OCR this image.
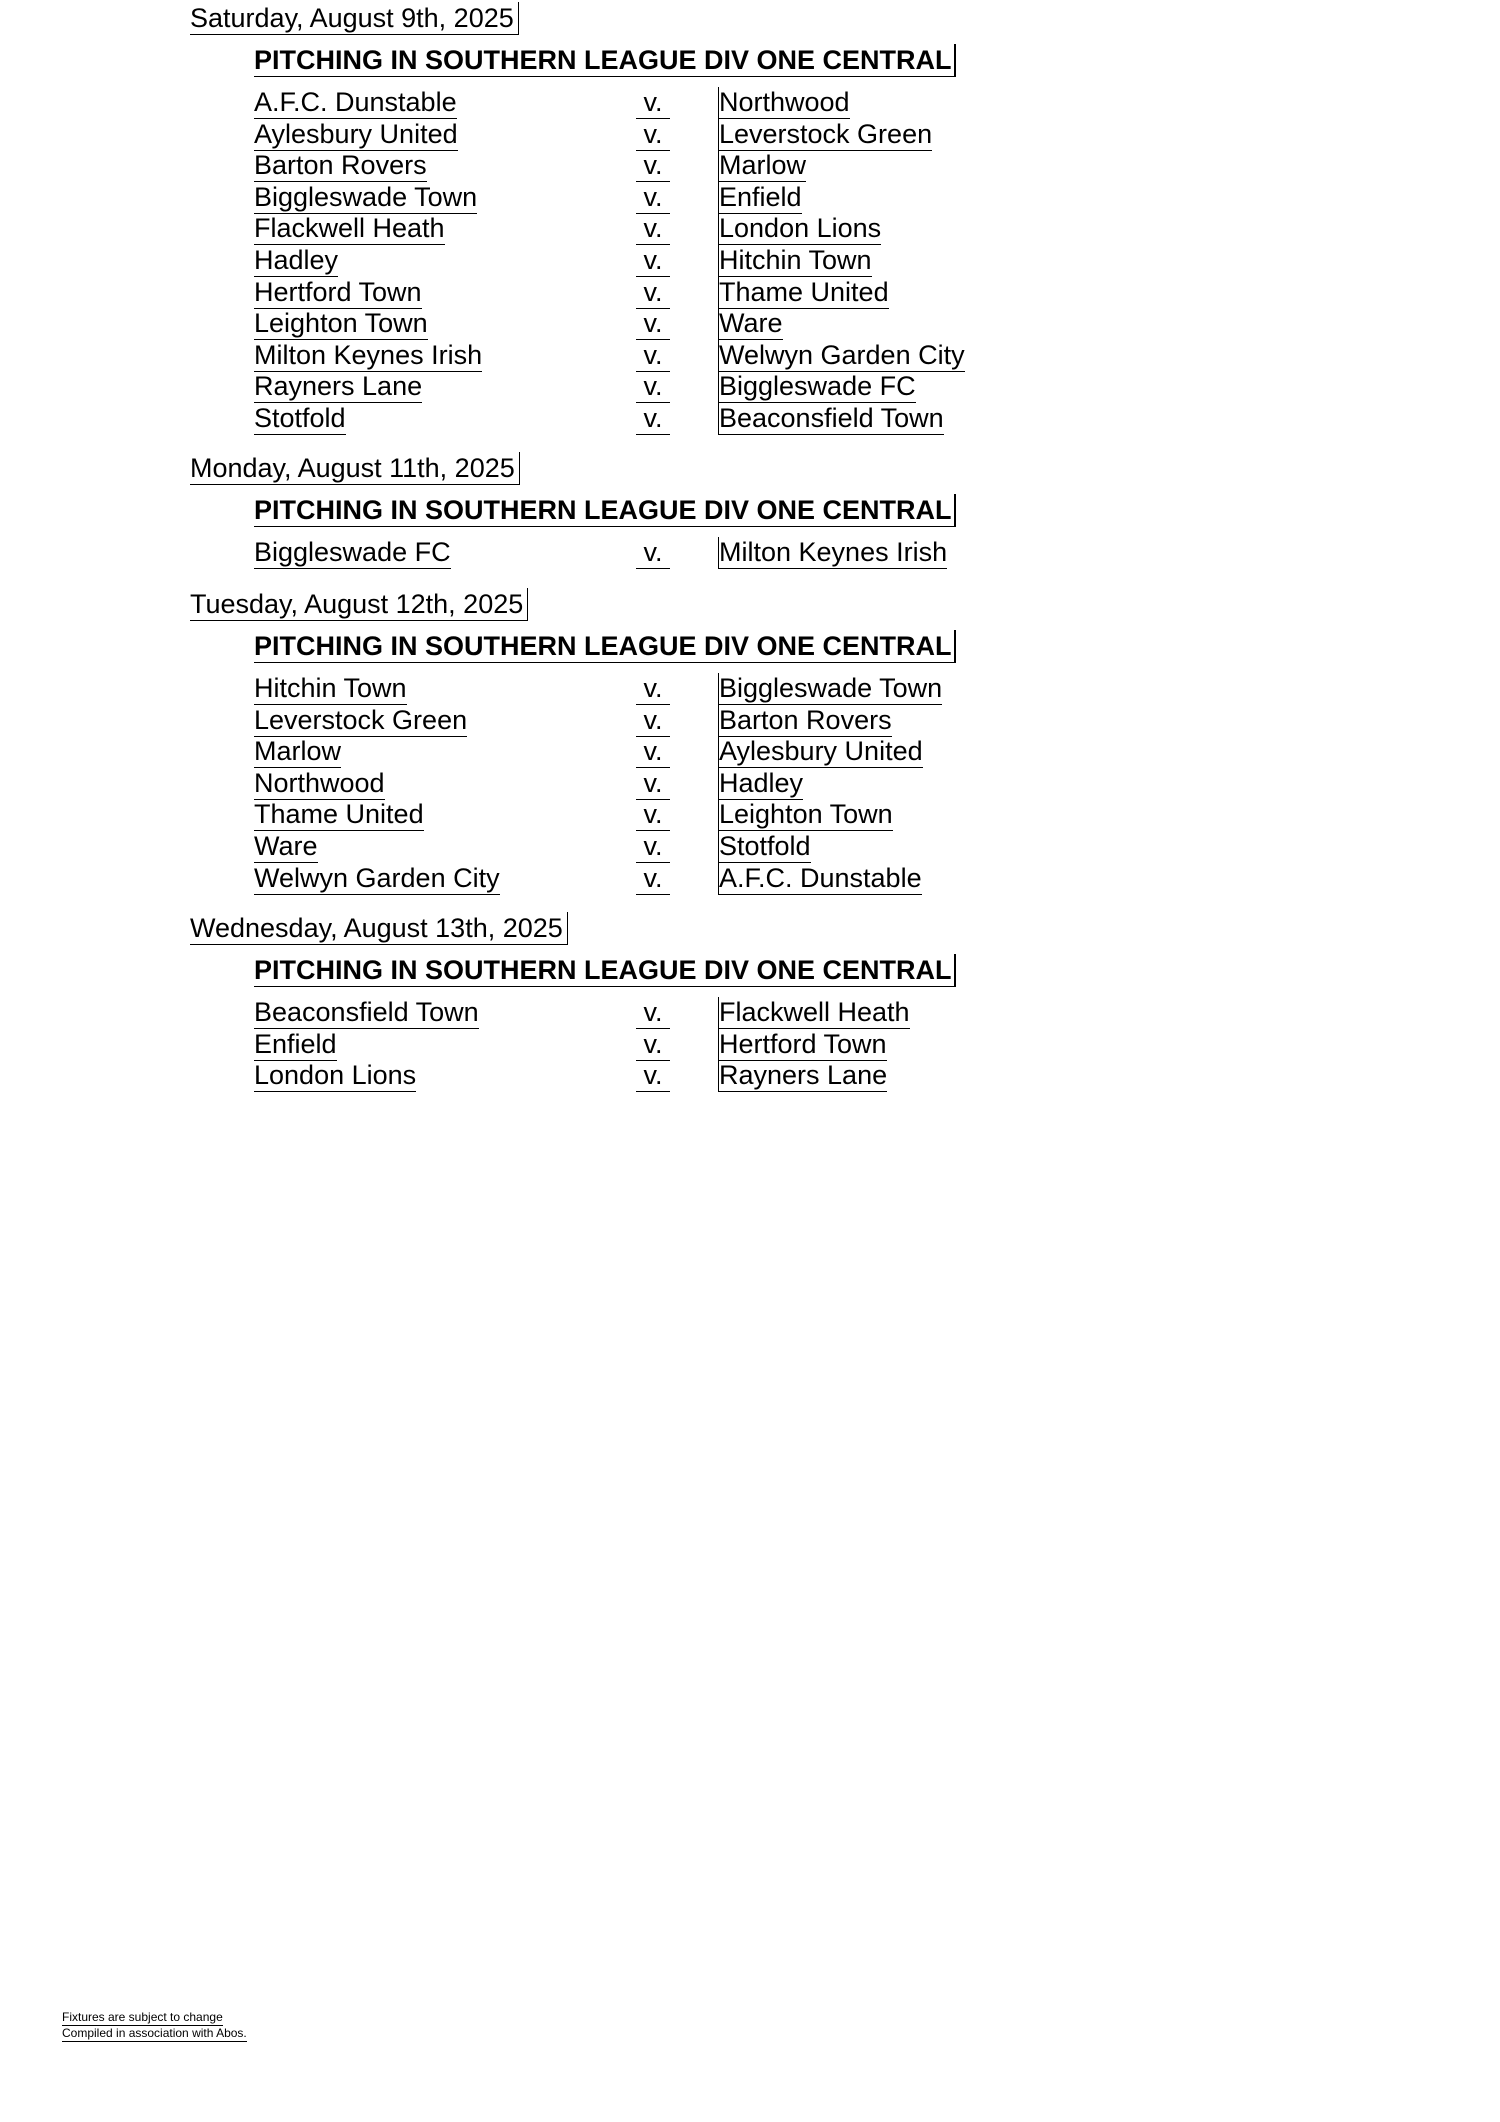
Saturday, August 9th, 2025
PITCHING IN SOUTHERN LEAGUE DIV ONE CENTRAL
A.F.C. Dunstable	v. Northwood
Aylesbury United	v. Leverstock Green
Barton Rovers	v. Marlow
Biggleswade Town	v. Enfield
Flackwell Heath	v. London Lions
Hadley	v. Hitchin Town
Hertford Town	v. Thame United
Leighton Town	v. Ware
Milton Keynes Irish	v. Welwyn Garden City
Rayners Lane	v. Biggleswade FC
Stotfold	v. Beaconsfield Town
Monday, August 11th, 2025
PITCHING IN SOUTHERN LEAGUE DIV ONE CENTRAL
Biggleswade FC	v. Milton Keynes Irish
Tuesday, August 12th, 2025
PITCHING IN SOUTHERN LEAGUE DIV ONE CENTRAL
Hitchin Town	v. Biggleswade Town
Leverstock Green	v. Barton Rovers
Marlow	v. Aylesbury United
Northwood	v. Hadley
Thame United	v. Leighton Town
Ware	v. Stotfold
Welwyn Garden City	v. A.F.C. Dunstable
Wednesday, August 13th, 2025
PITCHING IN SOUTHERN LEAGUE DIV ONE CENTRAL
Beaconsfield Town	v. Flackwell Heath
Enfield	v. Hertford Town
London Lions	v. Rayners Lane
Fixtures are subject to change
Compiled in association with Abos.
